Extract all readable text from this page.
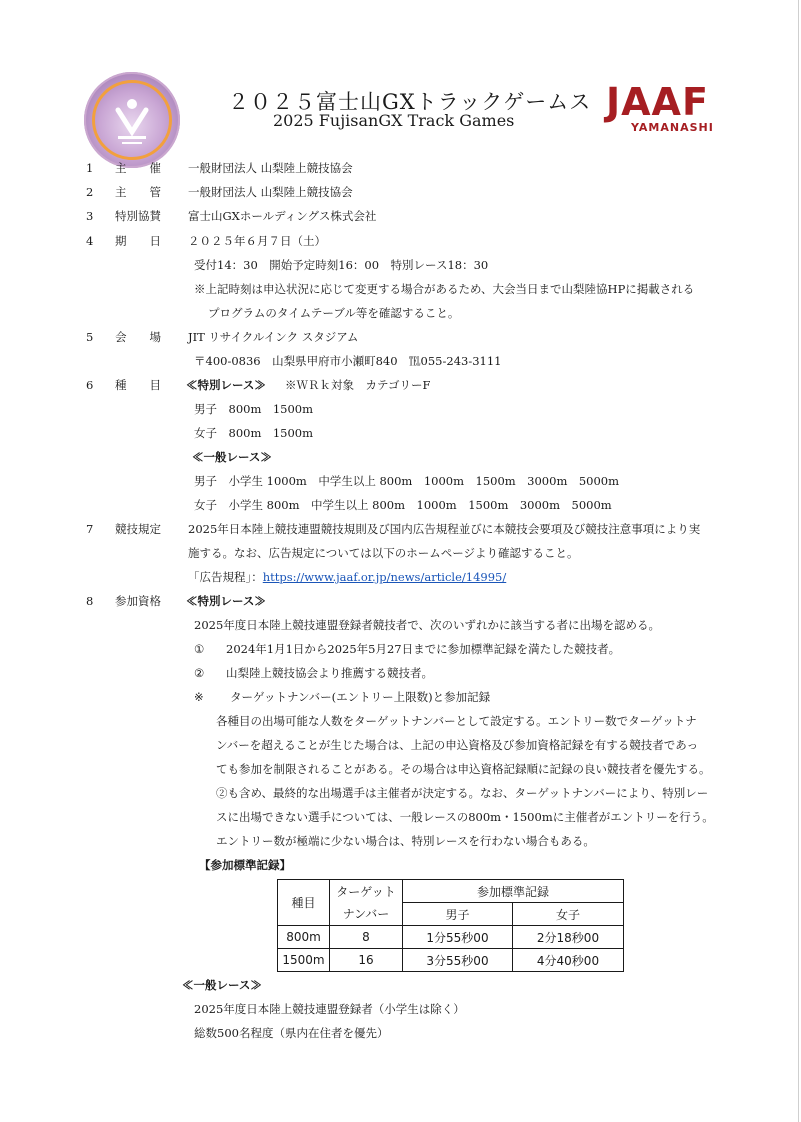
２０２５富士山GXトラックゲームス
2025 FujisanGX Track Games JAAF
YAMANASHI
1 主　　催 一般財団法人 山梨陸上競技協会
2 主　　管 一般財団法人 山梨陸上競技協会
3 特別協賛 富士山GXホールディングス株式会社
4 期　　日 ２０２５年６月７日（土）
受付14：30　開始予定時刻16：00　特別レース18：30
※上記時刻は申込状況に応じて変更する場合があるため、大会当日まで山梨陸協HPに掲載される
プログラムのタイムテーブル等を確認すること。
5 会　　場 JIT リサイクルインク スタジアム
〒400-0836　山梨県甲府市小瀬町840　℡055-243-3111
6 種　　目 ≪特別レース≫ ※ＷＲｋ対象　カテゴリーF
男子　800m　1500m
女子　800m　1500m
≪一般レース≫
男子　小学生 1000m　中学生以上 800m　1000m　1500m　3000m　5000m
女子　小学生 800m　中学生以上 800m　1000m　1500m　3000m　5000m
7 競技規定 2025年日本陸上競技連盟競技規則及び国内広告規程並びに本競技会要項及び競技注意事項により実
施する。なお、広告規定については以下のホームページより確認すること。
「広告規程」：https://www.jaaf.or.jp/news/article/14995/
8 参加資格 ≪特別レース≫
2025年度日本陸上競技連盟登録者競技者で、次のいずれかに該当する者に出場を認める。
① 2024年1月1日から2025年5月27日までに参加標準記録を満たした競技者。
② 山梨陸上競技協会より推薦する競技者。
※ ターゲットナンバー(エントリー上限数)と参加記録
各種目の出場可能な人数をターゲットナンバーとして設定する。エントリー数でターゲットナ
ンバーを超えることが生じた場合は、上記の申込資格及び参加資格記録を有する競技者であっ
ても参加を制限されることがある。その場合は申込資格記録順に記録の良い競技者を優先する。
②も含め、最終的な出場選手は主催者が決定する。なお、ターゲットナンバーにより、特別レー
スに出場できない選手については、一般レースの800m・1500mに主催者がエントリーを行う。
エントリー数が極端に少ない場合は、特別レースを行わない場合もある。
【参加標準記録】
種目	ターゲット
ナンバー	参加標準記録	
		男子	女子
800m	8	1分55秒00	2分18秒00
1500m	16	3分55秒00	4分40秒00
≪一般レース≫
2025年度日本陸上競技連盟登録者（小学生は除く）
総数500名程度（県内在住者を優先）
